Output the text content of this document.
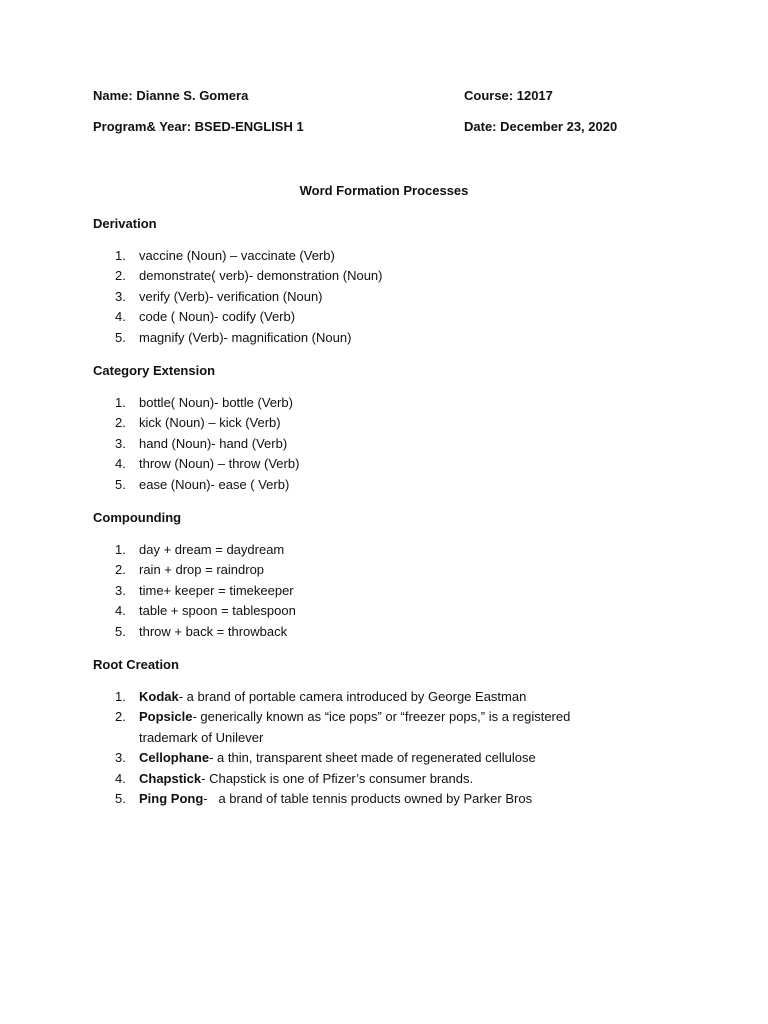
Name: Dianne S. Gomera	Course: 12017
Program& Year: BSED-ENGLISH 1	Date: December 23, 2020
Word Formation Processes
Derivation
1. vaccine (Noun) – vaccinate (Verb)
2. demonstrate( verb)- demonstration (Noun)
3. verify (Verb)- verification (Noun)
4. code ( Noun)- codify (Verb)
5. magnify (Verb)- magnification (Noun)
Category Extension
1. bottle( Noun)- bottle (Verb)
2. kick (Noun) – kick (Verb)
3. hand (Noun)- hand (Verb)
4. throw (Noun) – throw (Verb)
5. ease (Noun)- ease ( Verb)
Compounding
1. day + dream = daydream
2. rain + drop = raindrop
3. time+ keeper = timekeeper
4. table + spoon = tablespoon
5. throw + back = throwback
Root Creation
1. Kodak- a brand of portable camera introduced by George Eastman
2. Popsicle- generically known as “ice pops” or “freezer pops,” is a registered trademark of Unilever
3. Cellophane- a thin, transparent sheet made of regenerated cellulose
4. Chapstick- Chapstick is one of Pfizer’s consumer brands.
5. Ping Pong-   a brand of table tennis products owned by Parker Bros
